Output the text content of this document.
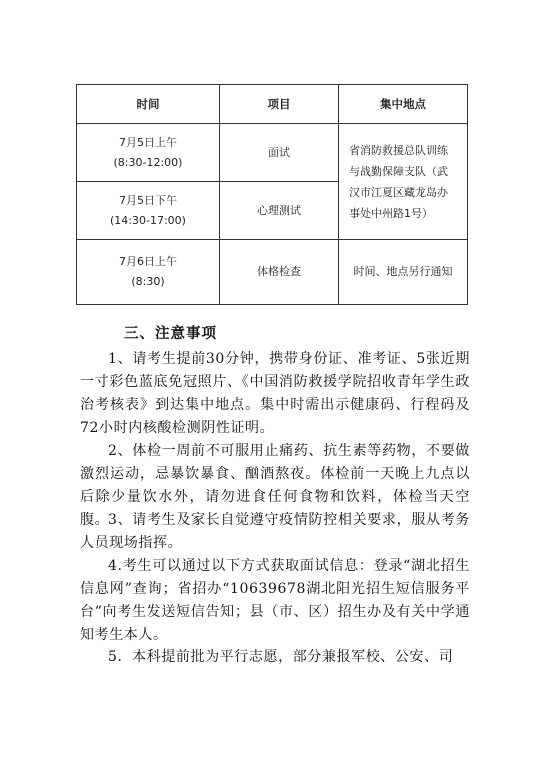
时间	项目	集中地点

7月5日上午
(8:30-12:00)	面试	省消防救援总队训练与战勤保障支队（武汉市江夏区藏龙岛办事处中州路1号）

7月5日下午
(14:30-17:00)	心理测试	

7月6日上午
(8:30)	体格检查	时间、地点另行通知
三、注意事项

1、请考生提前30分钟，携带身份证、准考证、5张近期一寸彩色蓝底免冠照片、《中国消防救援学院招收青年学生政治考核表》到达集中地点。集中时需出示健康码、行程码及72小时内核酸检测阴性证明。

2、体检一周前不可服用止痛药、抗生素等药物，不要做激烈运动，忌暴饮暴食、酗酒熬夜。体检前一天晚上九点以后除少量饮水外，请勿进食任何食物和饮料，体检当天空腹。

3、请考生及家长自觉遵守疫情防控相关要求，服从考务人员现场指挥。

4.考生可以通过以下方式获取面试信息：登录“湖北招生信息网”查询；省招办“10639678湖北阳光招生短信服务平台”向考生发送短信告知；县（市、区）招生办及有关中学通知考生本人。

5．本科提前批为平行志愿，部分兼报军校、公安、司
